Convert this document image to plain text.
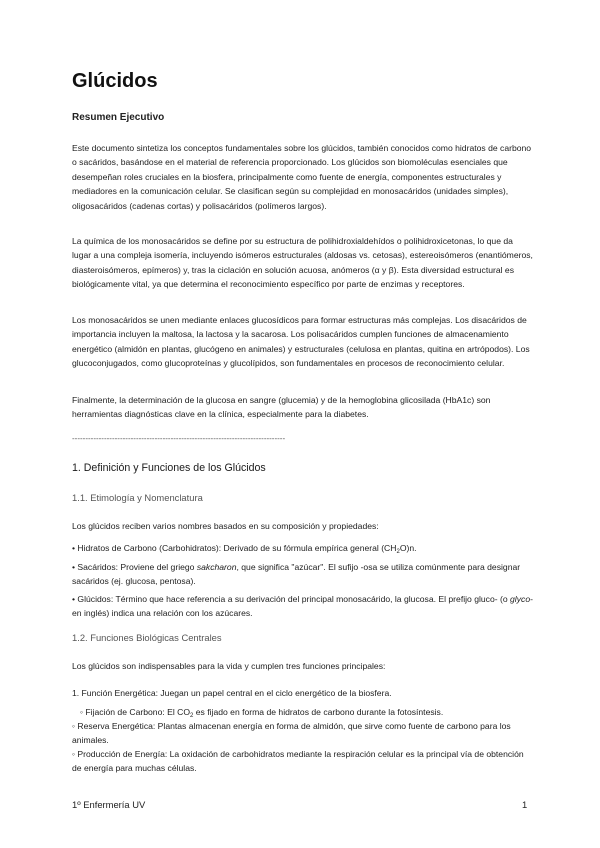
Glúcidos
Resumen Ejecutivo

Este documento sintetiza los conceptos fundamentales sobre los glúcidos, también conocidos como hidratos de carbono o sacáridos, basándose en el material de referencia proporcionado. Los glúcidos son biomoléculas esenciales que desempeñan roles cruciales en la biosfera, principalmente como fuente de energía, componentes estructurales y mediadores en la comunicación celular. Se clasifican según su complejidad en monosacáridos (unidades simples), oligosacáridos (cadenas cortas) y polisacáridos (polímeros largos).

La química de los monosacáridos se define por su estructura de polihidroxialdehídos o polihidroxicetonas, lo que da lugar a una compleja isomería, incluyendo isómeros estructurales (aldosas vs. cetosas), estereoisómeros (enantiómeros, diasteroisómeros, epímeros) y, tras la ciclación en solución acuosa, anómeros (α y β). Esta diversidad estructural es biológicamente vital, ya que determina el reconocimiento específico por parte de enzimas y receptores.

Los monosacáridos se unen mediante enlaces glucosídicos para formar estructuras más complejas. Los disacáridos de importancia incluyen la maltosa, la lactosa y la sacarosa. Los polisacáridos cumplen funciones de almacenamiento energético (almidón en plantas, glucógeno en animales) y estructurales (celulosa en plantas, quitina en artrópodos). Los glucoconjugados, como glucoproteínas y glucolípidos, son fundamentales en procesos de reconocimiento celular.

Finalmente, la determinación de la glucosa en sangre (glucemia) y de la hemoglobina glicosilada (HbA1c) son herramientas diagnósticas clave en la clínica, especialmente para la diabetes.

--------------------------------------------------------------------------------

1. Definición y Funciones de los Glúcidos
1.1. Etimología y Nomenclatura

Los glúcidos reciben varios nombres basados en su composición y propiedades:

• Hidratos de Carbono (Carbohidratos): Derivado de su fórmula empírica general $(CH_2O)n$.

• Sacáridos: Proviene del griego sakcharon, que significa "azúcar". El sufijo -osa se utiliza comúnmente para designar sacáridos (ej. glucosa, pentosa).

• Glúcidos: Término que hace referencia a su derivación del principal monosacárido, la glucosa. El prefijo gluco- (o glyco- en inglés) indica una relación con los azúcares.

1.2. Funciones Biológicas Centrales

Los glúcidos son indispensables para la vida y cumplen tres funciones principales:

1. Función Energética: Juegan un papel central en el ciclo energético de la biosfera.

◦ Fijación de Carbono: El $CO_2$ es fijado en forma de hidratos de carbono durante la fotosíntesis.

◦ Reserva Energética: Plantas almacenan energía en forma de almidón, que sirve como fuente de carbono para los animales.

◦ Producción de Energía: La oxidación de carbohidratos mediante la respiración celular es la principal vía de obtención de energía para muchas células.

1º Enfermería UV	1
